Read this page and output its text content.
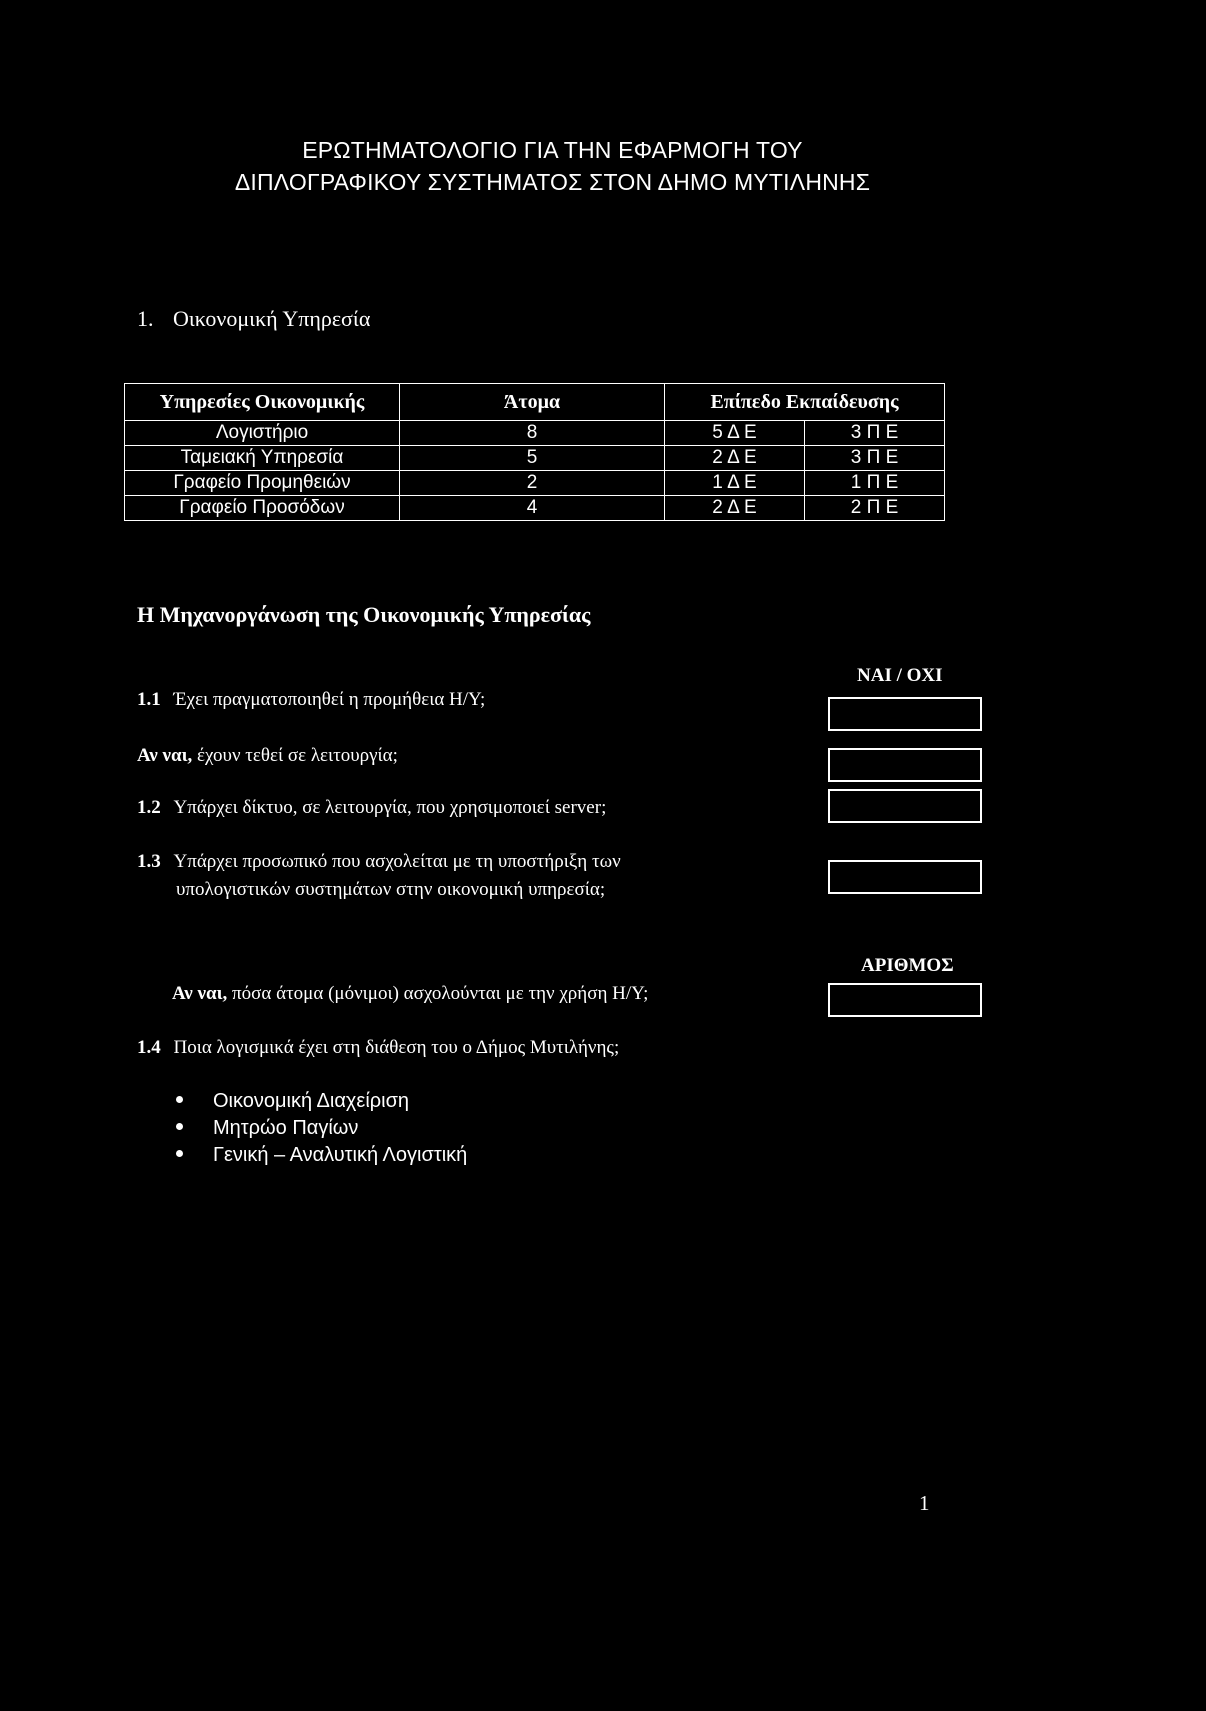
ΕΡΩΤΗΜΑΤΟΛΟΓΙΟ ΓΙΑ ΤΗΝ ΕΦΑΡΜΟΓΗ ΤΟΥ
ΔΙΠΛΟΓΡΑΦΙΚΟΥ ΣΥΣΤΗΜΑΤΟΣ ΣΤΟΝ ΔΗΜΟ ΜΥΤΙΛΗΝΗΣ
1. Οικονομική Υπηρεσία
Υπηρεσίες Οικονομικής	Άτομα	Επίπεδο Εκπαίδευσης	
Λογιστήριο	8	5 Δ Ε	3 Π Ε
Ταμειακή Υπηρεσία	5	2 Δ Ε	3 Π Ε
Γραφείο Προμηθειών	2	1 Δ Ε	1 Π Ε
Γραφείο Προσόδων	4	2 Δ Ε	2 Π Ε
Η Μηχανοργάνωση της Οικονομικής Υπηρεσίας
ΝΑΙ / ΟΧΙ
1.1 Έχει πραγματοποιηθεί η προμήθεια Η/Υ;
Αν ναι, έχουν τεθεί σε λειτουργία;
1.2 Υπάρχει δίκτυο, σε λειτουργία, που χρησιμοποιεί server;
1.3 Υπάρχει προσωπικό που ασχολείται με τη υποστήριξη των
υπολογιστικών συστημάτων στην οικονομική υπηρεσία;
ΑΡΙΘΜΟΣ
Αν ναι, πόσα άτομα (μόνιμοι) ασχολούνται με την χρήση Η/Υ;
1.4 Ποια λογισμικά έχει στη διάθεση του ο Δήμος Μυτιλήνης;
Οικονομική Διαχείριση
Μητρώο Παγίων
Γενική – Αναλυτική Λογιστική
1
